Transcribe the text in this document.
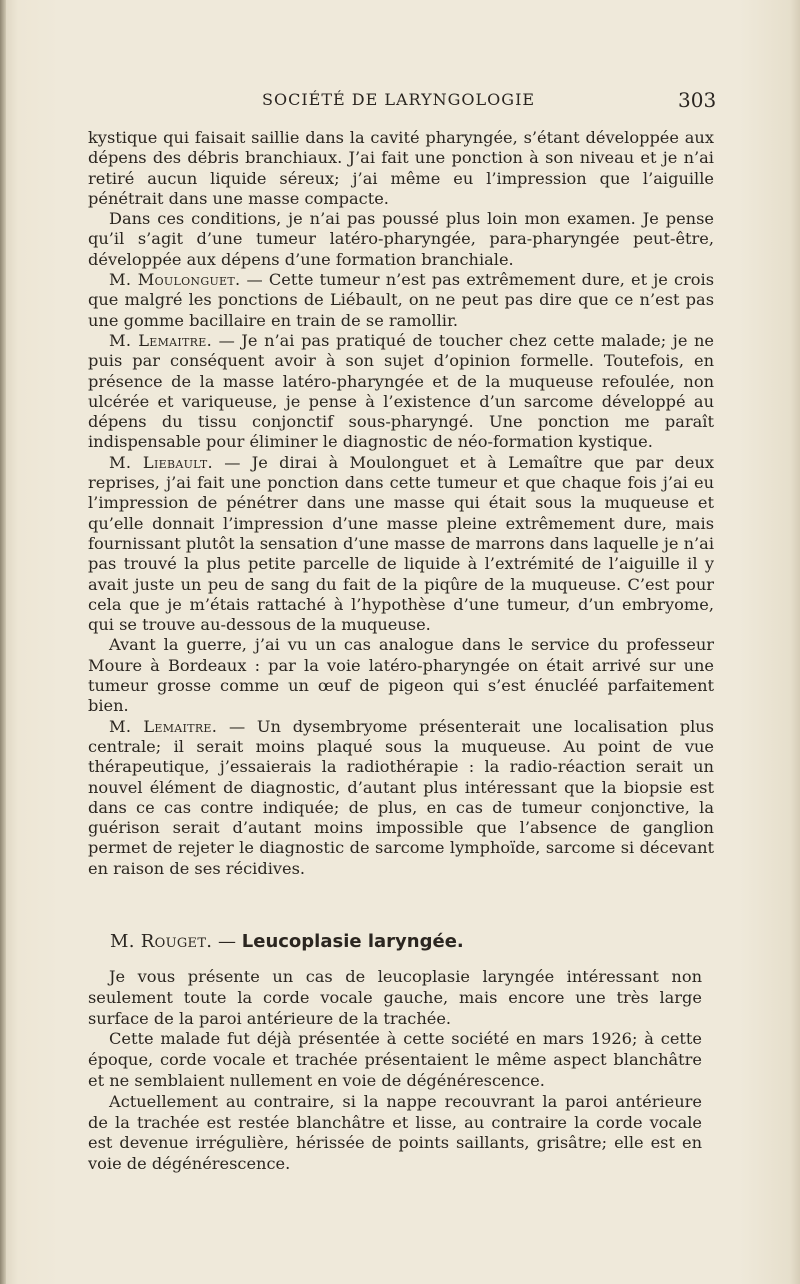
SOCIÉTÉ DE LARYNGOLOGIE	303

kystique qui faisait saillie dans la cavité pharyngée, s’étant développée aux dépens des débris branchiaux. J’ai fait une ponction à son niveau et je n’ai retiré aucun liquide séreux; j’ai même eu l’impression que l’aiguille pénétrait dans une masse compacte.

Dans ces conditions, je n’ai pas poussé plus loin mon examen. Je pense qu’il s’agit d’une tumeur latéro-pharyngée, para-pharyngée peut-être, développée aux dépens d’une formation branchiale.

M. Moulonguet. — Cette tumeur n’est pas extrêmement dure, et je crois que malgré les ponctions de Liébault, on ne peut pas dire que ce n’est pas une gomme bacillaire en train de se ramollir.

M. Lemaitre. — Je n’ai pas pratiqué de toucher chez cette malade; je ne puis par conséquent avoir à son sujet d’opinion formelle. Toutefois, en présence de la masse latéro-pharyngée et de la muqueuse refoulée, non ulcérée et variqueuse, je pense à l’existence d’un sarcome développé au dépens du tissu conjonctif sous-pharyngé. Une ponction me paraît indispensable pour éliminer le diagnostic de néo-formation kystique.

M. Liebault. — Je dirai à Moulonguet et à Lemaître que par deux reprises, j’ai fait une ponction dans cette tumeur et que chaque fois j’ai eu l’impression de pénétrer dans une masse qui était sous la muqueuse et qu’elle donnait l’impression d’une masse pleine extrêmement dure, mais fournissant plutôt la sensation d’une masse de marrons dans laquelle je n’ai pas trouvé la plus petite parcelle de liquide à l’extrémité de l’aiguille il y avait juste un peu de sang du fait de la piqûre de la muqueuse. C’est pour cela que je m’étais rattaché à l’hypothèse d’une tumeur, d’un embryome, qui se trouve au-dessous de la muqueuse.

Avant la guerre, j’ai vu un cas analogue dans le service du professeur Moure à Bordeaux : par la voie latéro-pharyngée on était arrivé sur une tumeur grosse comme un œuf de pigeon qui s’est énucléé parfaitement bien.

M. Lemaitre. — Un dysembryome présenterait une localisation plus centrale; il serait moins plaqué sous la muqueuse. Au point de vue thérapeutique, j’essaierais la radiothérapie : la radio-réaction serait un nouvel élément de diagnostic, d’autant plus intéressant que la biopsie est dans ce cas contre indiquée; de plus, en cas de tumeur conjonctive, la guérison serait d’autant moins impossible que l’absence de ganglion permet de rejeter le diagnostic de sarcome lymphoïde, sarcome si décevant en raison de ses récidives.

M. Rouget. — Leucoplasie laryngée.

Je vous présente un cas de leucoplasie laryngée intéressant non seulement toute la corde vocale gauche, mais encore une très large surface de la paroi antérieure de la trachée.

Cette malade fut déjà présentée à cette société en mars 1926; à cette époque, corde vocale et trachée présentaient le même aspect blanchâtre et ne semblaient nullement en voie de dégénérescence.

Actuellement au contraire, si la nappe recouvrant la paroi antérieure de la trachée est restée blanchâtre et lisse, au contraire la corde vocale est devenue irrégulière, hérissée de points saillants, grisâtre; elle est en voie de dégénérescence.
